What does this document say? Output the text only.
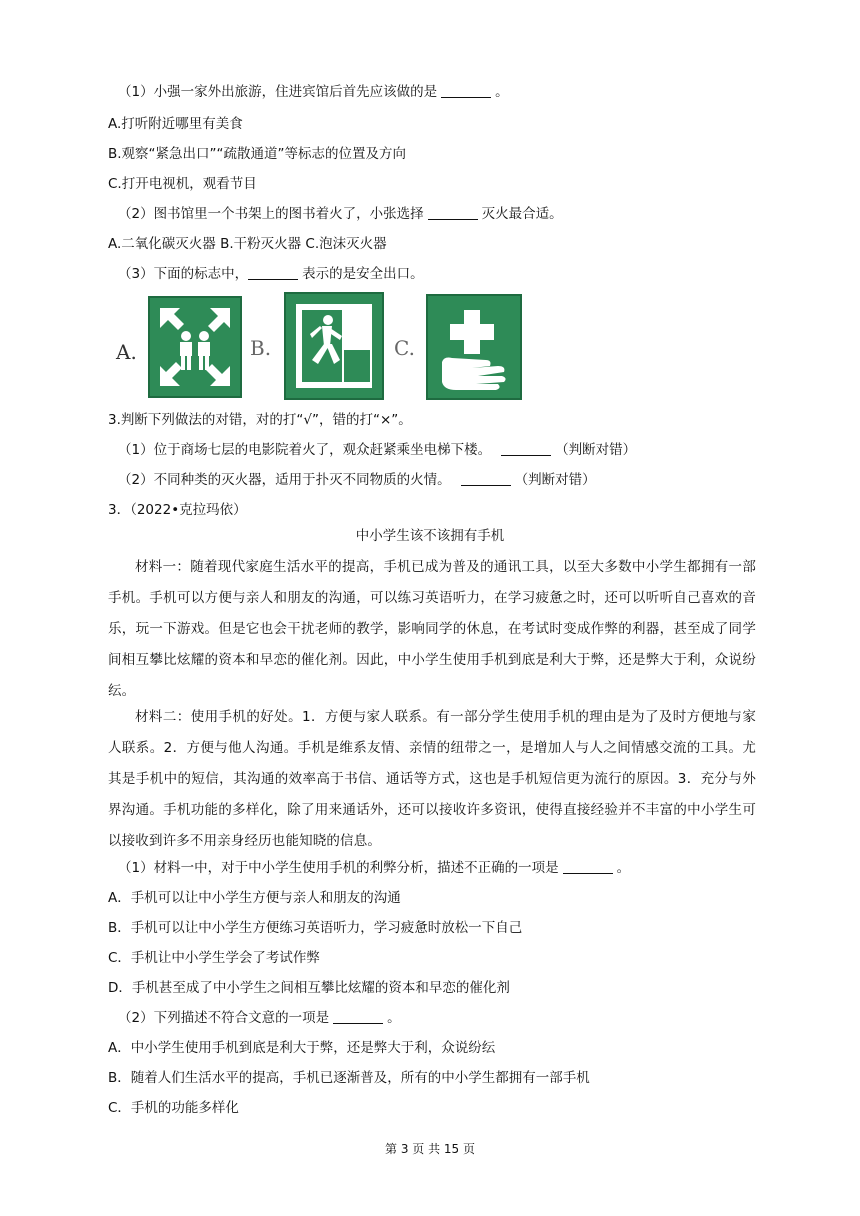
（1）小强一家外出旅游，住进宾馆后首先应该做的是	。
A.打听附近哪里有美食
B.观察“紧急出口”“疏散通道”等标志的位置及方向
C.打开电视机，观看节目
（2）图书馆里一个书架上的图书着火了，小张选择	灭火最合适。
A.二氧化碳灭火器 B.干粉灭火器 C.泡沫灭火器
（3）下面的标志中，	表示的是安全出口。
A.	B.	C.
3.判断下列做法的对错，对的打“√”，错的打“×”。
（1）位于商场七层的电影院着火了，观众赶紧乘坐电梯下楼。	（判断对错）
（2）不同种类的灭火器，适用于扑灭不同物质的火情。	（判断对错）
3．（2022•克拉玛依）
中小学生该不该拥有手机
材料一：随着现代家庭生活水平的提高，手机已成为普及的通讯工具，以至大多数中小学生都拥有一部手机。手机可以方便与亲人和朋友的沟通，可以练习英语听力，在学习疲惫之时，还可以听听自己喜欢的音乐，玩一下游戏。但是它也会干扰老师的教学，影响同学的休息，在考试时变成作弊的利器，甚至成了同学间相互攀比炫耀的资本和早恋的催化剂。因此，中小学生使用手机到底是利大于弊，还是弊大于利，众说纷纭。
材料二：使用手机的好处。1．方便与家人联系。有一部分学生使用手机的理由是为了及时方便地与家人联系。2．方便与他人沟通。手机是维系友情、亲情的纽带之一，是增加人与人之间情感交流的工具。尤其是手机中的短信，其沟通的效率高于书信、通话等方式，这也是手机短信更为流行的原因。3．充分与外界沟通。手机功能的多样化，除了用来通话外，还可以接收许多资讯，使得直接经验并不丰富的中小学生可以接收到许多不用亲身经历也能知晓的信息。
（1）材料一中，对于中小学生使用手机的利弊分析，描述不正确的一项是	。
A．手机可以让中小学生方便与亲人和朋友的沟通
B．手机可以让中小学生方便练习英语听力，学习疲惫时放松一下自己
C．手机让中小学生学会了考试作弊
D．手机甚至成了中小学生之间相互攀比炫耀的资本和早恋的催化剂
（2）下列描述不符合文意的一项是	。
A．中小学生使用手机到底是利大于弊，还是弊大于利，众说纷纭
B．随着人们生活水平的提高，手机已逐渐普及，所有的中小学生都拥有一部手机
C．手机的功能多样化
第 3 页 共 15 页
